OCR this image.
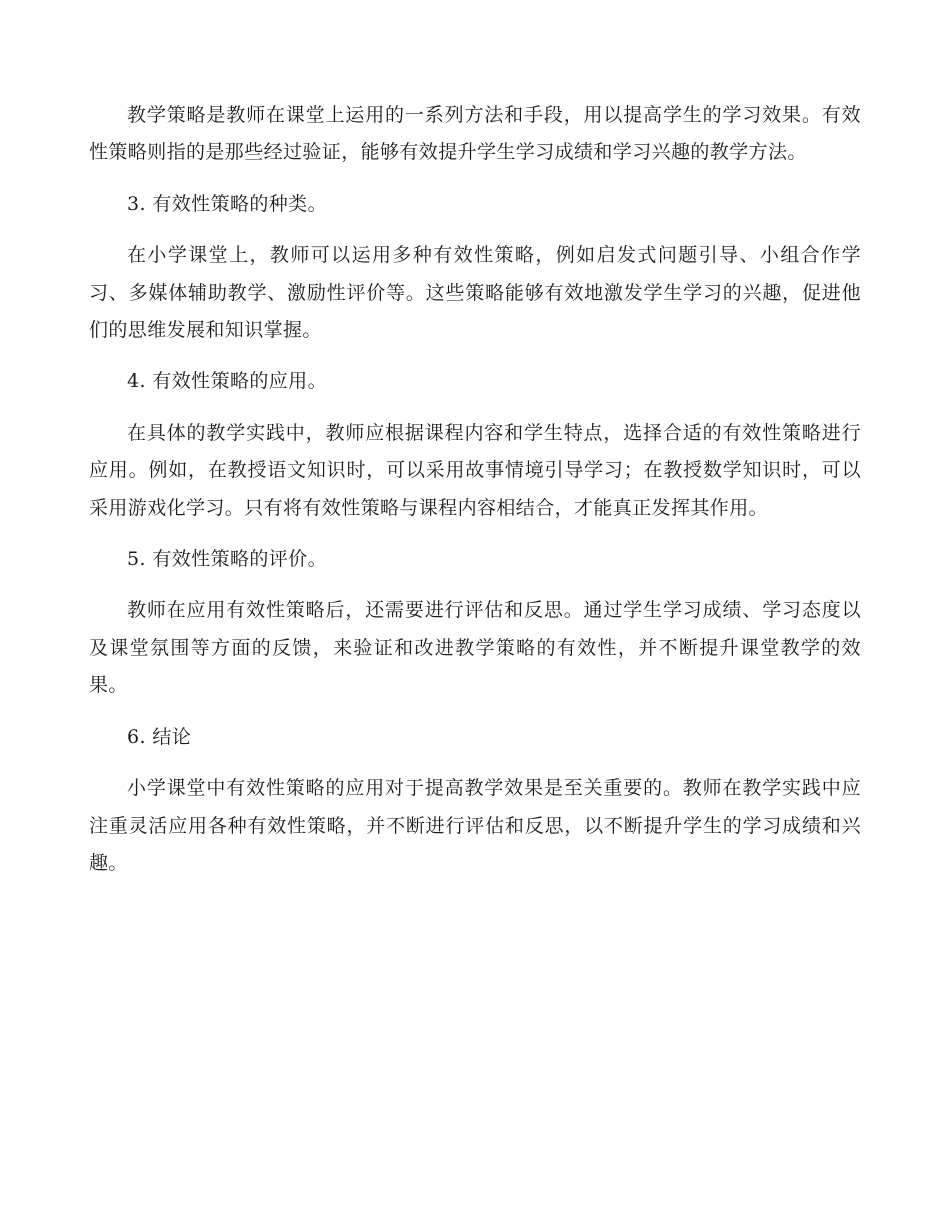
教学策略是教师在课堂上运用的一系列方法和手段，用以提高学生的学习效果。有效性策略则指的是那些经过验证，能够有效提升学生学习成绩和学习兴趣的教学方法。

3. 有效性策略的种类。

在小学课堂上，教师可以运用多种有效性策略，例如启发式问题引导、小组合作学习、多媒体辅助教学、激励性评价等。这些策略能够有效地激发学生学习的兴趣，促进他们的思维发展和知识掌握。

4. 有效性策略的应用。

在具体的教学实践中，教师应根据课程内容和学生特点，选择合适的有效性策略进行应用。例如，在教授语文知识时，可以采用故事情境引导学习；在教授数学知识时，可以采用游戏化学习。只有将有效性策略与课程内容相结合，才能真正发挥其作用。

5. 有效性策略的评价。

教师在应用有效性策略后，还需要进行评估和反思。通过学生学习成绩、学习态度以及课堂氛围等方面的反馈，来验证和改进教学策略的有效性，并不断提升课堂教学的效果。

6. 结论

小学课堂中有效性策略的应用对于提高教学效果是至关重要的。教师在教学实践中应注重灵活应用各种有效性策略，并不断进行评估和反思，以不断提升学生的学习成绩和兴趣。
